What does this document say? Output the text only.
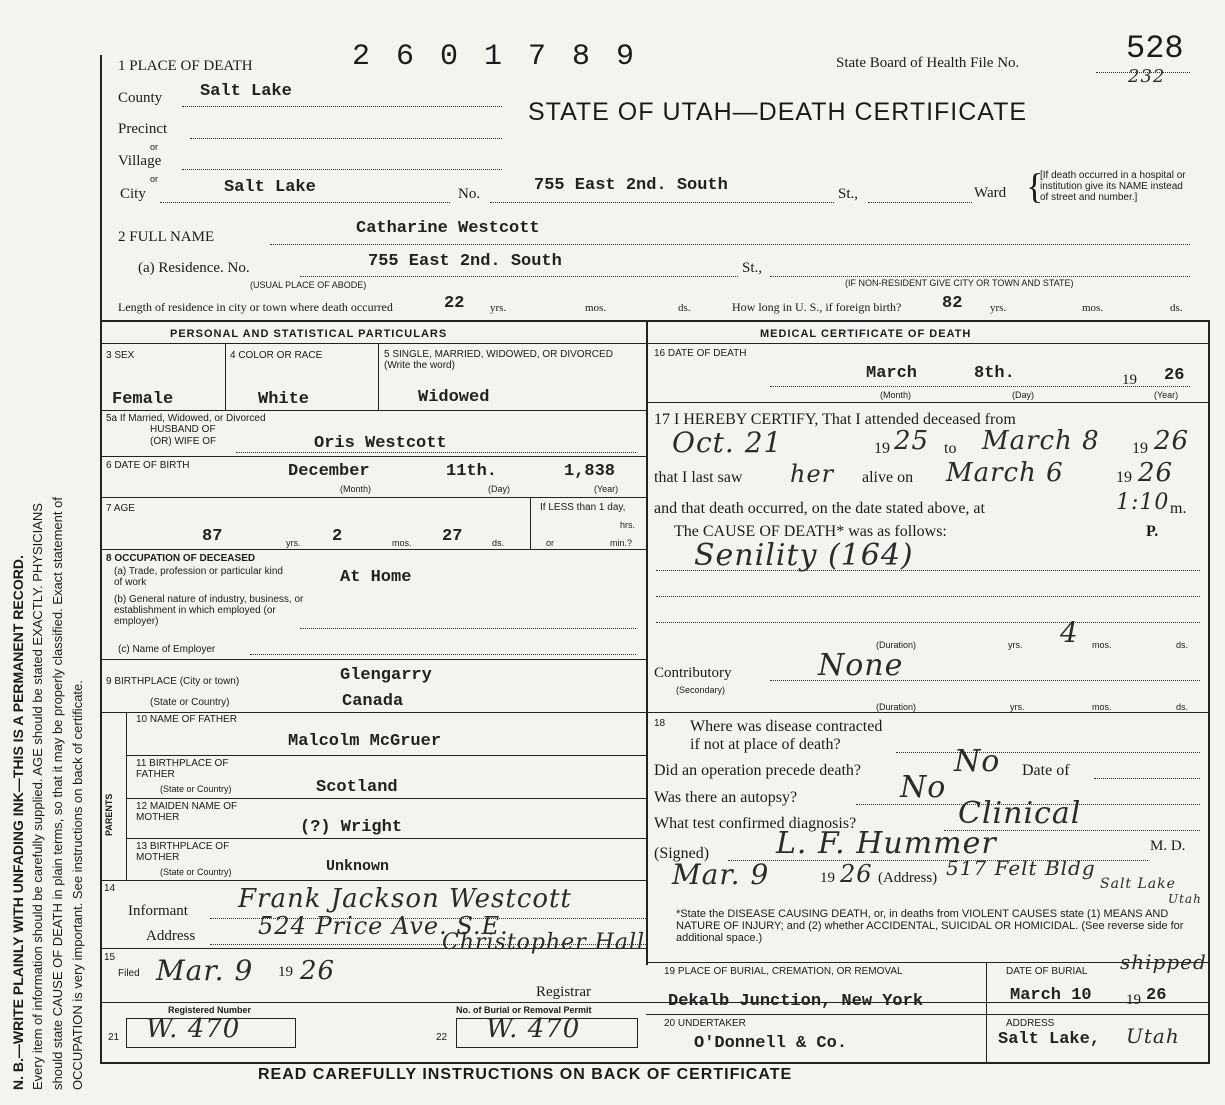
N. B.—WRITE PLAINLY WITH UNFADING INK—THIS IS A PERMANENT RECORD. Every item of information should be carefully supplied. AGE should be stated EXACTLY. PHYSICIANS should state CAUSE OF DEATH in plain terms, so that it may be properly classified. Exact statement of OCCUPATION is very important. See instructions on back of certificate.
1 PLACE OF DEATH	2 6 0 1 7 8 9	State Board of Health File No.	528
232
STATE OF UTAH—DEATH CERTIFICATE
County Salt Lake
Precinct
or
Village
or
City	Salt Lake	No.	755 East 2nd. South	St.,	Ward {
[If death occurred in a hospital or institution give its NAME instead of street and number.]
2 FULL NAME	Catharine Westcott
(a) Residence. No.	755 East 2nd. South	St.,
(USUAL PLACE OF ABODE)	(IF NON-RESIDENT GIVE CITY OR TOWN AND STATE)
Length of residence in city or town where death occurred	22 yrs.	mos.	ds.	How long in U. S., if foreign birth? 82	yrs.	mos.	ds.
PERSONAL AND STATISTICAL PARTICULARS
3 SEX	4 COLOR OR RACE	5 SINGLE, MARRIED, WIDOWED, OR DIVORCED (Write the word)
Female	White	Widowed
5a If Married, Widowed, or Divorced
HUSBAND OF
(OR) WIFE OF	Oris Westcott
6 DATE OF BIRTH	December	11th.	1,838
(Month)	(Day)	(Year)
7 AGE
87	yrs. 2	mos. 27	ds.
If LESS than 1 day,
hrs.
or	min.?
8 OCCUPATION OF DECEASED
(a) Trade, profession or particular kind of work	At Home
(b) General nature of industry, business, or establishment in which employed (or employer)
(c) Name of Employer
9 BIRTHPLACE (City or town)	Glengarry
(State or Country)	Canada
PARENTS
10 NAME OF FATHER
Malcolm McGruer
11 BIRTHPLACE OF FATHER
(State or Country)	Scotland
12 MAIDEN NAME OF MOTHER
(?) Wright
13 BIRTHPLACE OF MOTHER
(State or Country)	Unknown
14
Informant Frank Jackson Westcott
Address	524 Price Ave. S.E.
15
Filed Mar. 9 19 26
Christopher Hall
Registrar
Registered Number
21 W. 470
No. of Burial or Removal Permit
22 W. 470
MEDICAL CERTIFICATE OF DEATH
16 DATE OF DEATH
March	8th.	19 26
(Month)	(Day)	(Year)
17 I HEREBY CERTIFY, That I attended deceased from
Oct. 21	19 25 to March 8 19 26
that I last saw her alive on March 6	19 26
and that death occurred, on the date stated above, at	1:10 m.
The CAUSE OF DEATH* was as follows:	P.
Senility (164)
(Duration)	yrs. 4 mos.	ds.
Contributory
(Secondary)
None
(Duration)	yrs.	mos.	ds.
18 Where was disease contracted
if not at place of death?
Did an operation precede death?	No Date of
Was there an autopsy?	No
What test confirmed diagnosis?	Clinical
(Signed) L. F. Hummer	M. D.
Mar. 9	19 26 (Address) 517 Felt Bldg
Salt Lake
Utah
*State the DISEASE CAUSING DEATH, or, in deaths from VIOLENT CAUSES state (1) MEANS AND NATURE OF INJURY; and (2) whether ACCIDENTAL, SUICIDAL OR HOMICIDAL. (See reverse side for additional space.)
19 PLACE OF BURIAL, CREMATION, OR REMOVAL
Dekalb Junction, New York
DATE OF BURIAL shipped
March 10 19 26
20 UNDERTAKER
O'Donnell & Co.
ADDRESS
Salt Lake, Utah
READ CAREFULLY INSTRUCTIONS ON BACK OF CERTIFICATE
